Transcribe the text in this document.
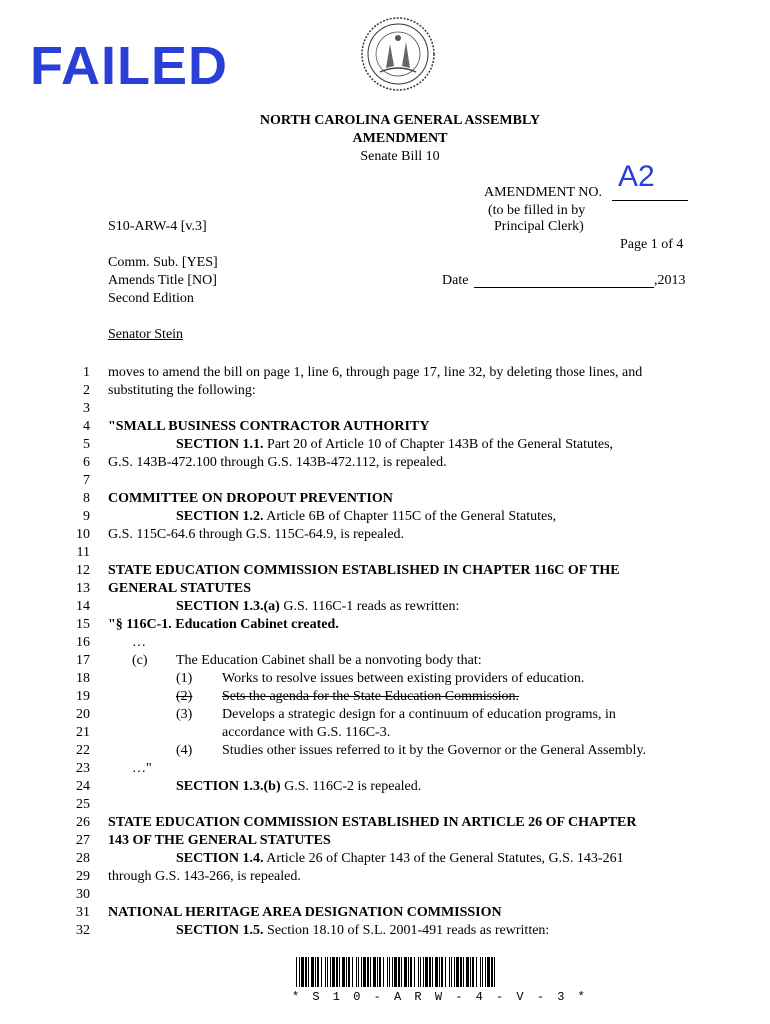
FAILED
NORTH CAROLINA GENERAL ASSEMBLY
AMENDMENT
Senate Bill 10
AMENDMENT NO. A2
(to be filled in by
Principal Clerk)
S10-ARW-4 [v.3]
Page 1 of 4
Comm. Sub. [YES]
Amends Title [NO]
Second Edition
Date	,2013
Senator Stein
1
2
3
4
5
6
7
8
9
10
11
12
13
14
15
16
17
18
19
20
21
22
23
24
25
26
27
28
29
30
31
32
moves to amend the bill on page 1, line 6, through page 17, line 32, by deleting those lines, and
substituting the following:
"SMALL BUSINESS CONTRACTOR AUTHORITY
SECTION 1.1. Part 20 of Article 10 of Chapter 143B of the General Statutes,
G.S. 143B-472.100 through G.S. 143B-472.112, is repealed.
COMMITTEE ON DROPOUT PREVENTION
SECTION 1.2. Article 6B of Chapter 115C of the General Statutes,
G.S. 115C-64.6 through G.S. 115C-64.9, is repealed.
STATE EDUCATION COMMISSION ESTABLISHED IN CHAPTER 116C OF THE
GENERAL STATUTES
SECTION 1.3.(a) G.S. 116C-1 reads as rewritten:
"§ 116C-1. Education Cabinet created.
…
(c) The Education Cabinet shall be a nonvoting body that:
(1) Works to resolve issues between existing providers of education.
(2) Sets the agenda for the State Education Commission.
(3) Develops a strategic design for a continuum of education programs, in
accordance with G.S. 116C-3.
(4) Studies other issues referred to it by the Governor or the General Assembly.
…"
SECTION 1.3.(b) G.S. 116C-2 is repealed.
STATE EDUCATION COMMISSION ESTABLISHED IN ARTICLE 26 OF CHAPTER
143 OF THE GENERAL STATUTES
SECTION 1.4. Article 26 of Chapter 143 of the General Statutes, G.S. 143-261
through G.S. 143-266, is repealed.
NATIONAL HERITAGE AREA DESIGNATION COMMISSION
SECTION 1.5. Section 18.10 of S.L. 2001-491 reads as rewritten:
* S 1 0 - A R W - 4 - V - 3 *
